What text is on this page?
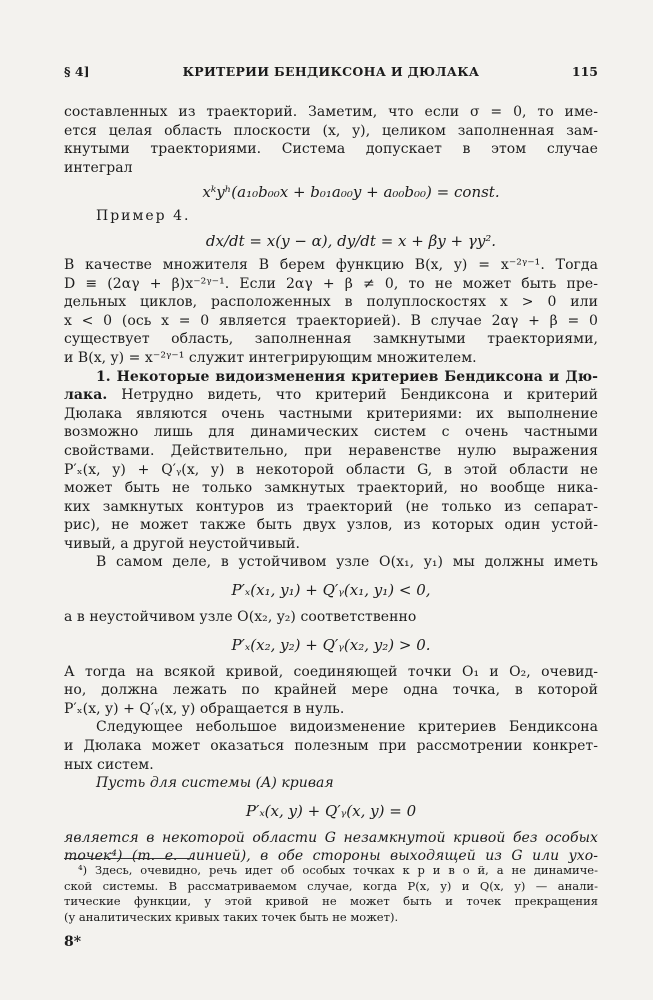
§ 4]	КРИТЕРИИ БЕНДИКСОНА И ДЮЛАКА	115
составленных из траекторий. Заметим, что если σ = 0, то име-
ется целая область плоскости (x, y), целиком заполненная зам-
кнутыми траекториями. Система допускает в этом случае
интеграл
xᵏyʰ(a₁₀b₀₀x + b₀₁a₀₀y + a₀₀b₀₀) = const.
Пример 4.
dx/dt = x(y − α), dy/dt = x + βy + γy².
В качестве множителя B берем функцию B(x, y) = x⁻²ᵞ⁻¹. Тогда
D ≡ (2αγ + β)x⁻²ᵞ⁻¹. Если 2αγ + β ≠ 0, то не может быть пре-
дельных циклов, расположенных в полуплоскостях x > 0 или
x < 0 (ось x = 0 является траекторией). В случае 2αγ + β = 0
существует область, заполненная замкнутыми траекториями,
и B(x, y) = x⁻²ᵞ⁻¹ служит интегрирующим множителем.
1. Некоторые видоизменения критериев Бендиксона и Дю-
лака. Нетрудно видеть, что критерий Бендиксона и критерий
Дюлака являются очень частными критериями: их выполнение
возможно лишь для динамических систем с очень частными
свойствами. Действительно, при неравенстве нулю выражения
P′ₓ(x, y) + Q′ᵧ(x, y) в некоторой области G, в этой области не
может быть не только замкнутых траекторий, но вообще ника-
ких замкнутых контуров из траекторий (не только из сепарат-
рис), не может также быть двух узлов, из которых один устой-
чивый, а другой неустойчивый.
В самом деле, в устойчивом узле O(x₁, y₁) мы должны иметь
P′ₓ(x₁, y₁) + Q′ᵧ(x₁, y₁) < 0,
а в неустойчивом узле O(x₂, y₂) соответственно
P′ₓ(x₂, y₂) + Q′ᵧ(x₂, y₂) > 0.
А тогда на всякой кривой, соединяющей точки O₁ и O₂, очевид-
но, должна лежать по крайней мере одна точка, в которой
P′ₓ(x, y) + Q′ᵧ(x, y) обращается в нуль.
Следующее небольшое видоизменение критериев Бендиксона
и Дюлака может оказаться полезным при рассмотрении конкрет-
ных систем.
Пусть для системы (A) кривая
P′ₓ(x, y) + Q′ᵧ(x, y) = 0
является в некоторой области G незамкнутой кривой без особых
точек⁴) (т. е. линией), в обе стороны выходящей из G или ухо-
⁴) Здесь, очевидно, речь идет об особых точках к р и в о й, а не динамиче-
ской системы. В рассматриваемом случае, когда P(x, y) и Q(x, y) — анали-
тические функции, у этой кривой не может быть и точек прекращения
(у аналитических кривых таких точек быть не может).
8*
